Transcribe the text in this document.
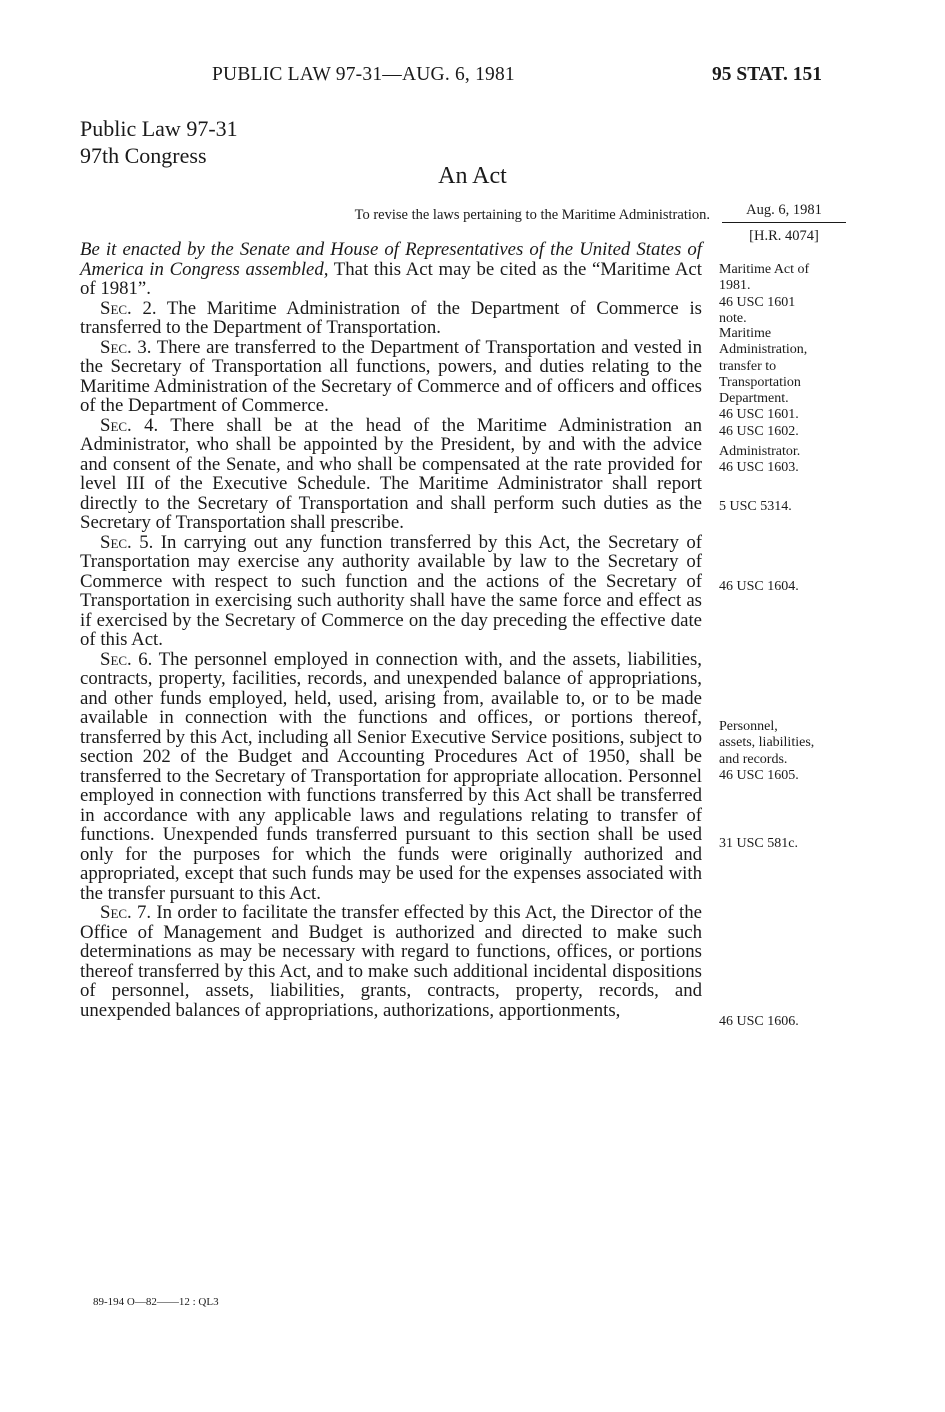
PUBLIC LAW 97-31—AUG. 6, 1981	95 STAT. 151
Public Law 97-31
97th Congress
An Act
To revise the laws pertaining to the Maritime Administration.	Aug. 6, 1981
[H.R. 4074]

Be it enacted by the Senate and House of Representatives of the United States of America in Congress assembled, That this Act may be cited as the “Maritime Act of 1981”.

Sec. 2. The Maritime Administration of the Department of Commerce is transferred to the Department of Transportation.

Sec. 3. There are transferred to the Department of Transportation and vested in the Secretary of Transportation all functions, powers, and duties relating to the Maritime Administration of the Secretary of Commerce and of officers and offices of the Department of Commerce.

Sec. 4. There shall be at the head of the Maritime Administration an Administrator, who shall be appointed by the President, by and with the advice and consent of the Senate, and who shall be compensated at the rate provided for level III of the Executive Schedule. The Maritime Administrator shall report directly to the Secretary of Transportation and shall perform such duties as the Secretary of Transportation shall prescribe.

Sec. 5. In carrying out any function transferred by this Act, the Secretary of Transportation may exercise any authority available by law to the Secretary of Commerce with respect to such function and the actions of the Secretary of Transportation in exercising such authority shall have the same force and effect as if exercised by the Secretary of Commerce on the day preceding the effective date of this Act.

Sec. 6. The personnel employed in connection with, and the assets, liabilities, contracts, property, facilities, records, and unexpended balance of appropriations, and other funds employed, held, used, arising from, available to, or to be made available in connection with the functions and offices, or portions thereof, transferred by this Act, including all Senior Executive Service positions, subject to section 202 of the Budget and Accounting Procedures Act of 1950, shall be transferred to the Secretary of Transportation for appropriate allocation. Personnel employed in connection with functions transferred by this Act shall be transferred in accordance with any applicable laws and regulations relating to transfer of functions. Unexpended funds transferred pursuant to this section shall be used only for the purposes for which the funds were originally authorized and appropriated, except that such funds may be used for the expenses associated with the transfer pursuant to this Act.

Sec. 7. In order to facilitate the transfer effected by this Act, the Director of the Office of Management and Budget is authorized and directed to make such determinations as may be necessary with regard to functions, offices, or portions thereof transferred by this Act, and to make such additional incidental dispositions of personnel, assets, liabilities, grants, contracts, property, records, and unexpended balances of appropriations, authorizations, apportionments,

Maritime Act of
1981.
46 USC 1601
note.
Maritime
Administration,
transfer to
Transportation
Department.
46 USC 1601.
46 USC 1602.
Administrator.
46 USC 1603.
5 USC 5314.
46 USC 1604.
Personnel,
assets, liabilities,
and records.
46 USC 1605.
31 USC 581c.
46 USC 1606.
89-194 O—82——12 : QL3
